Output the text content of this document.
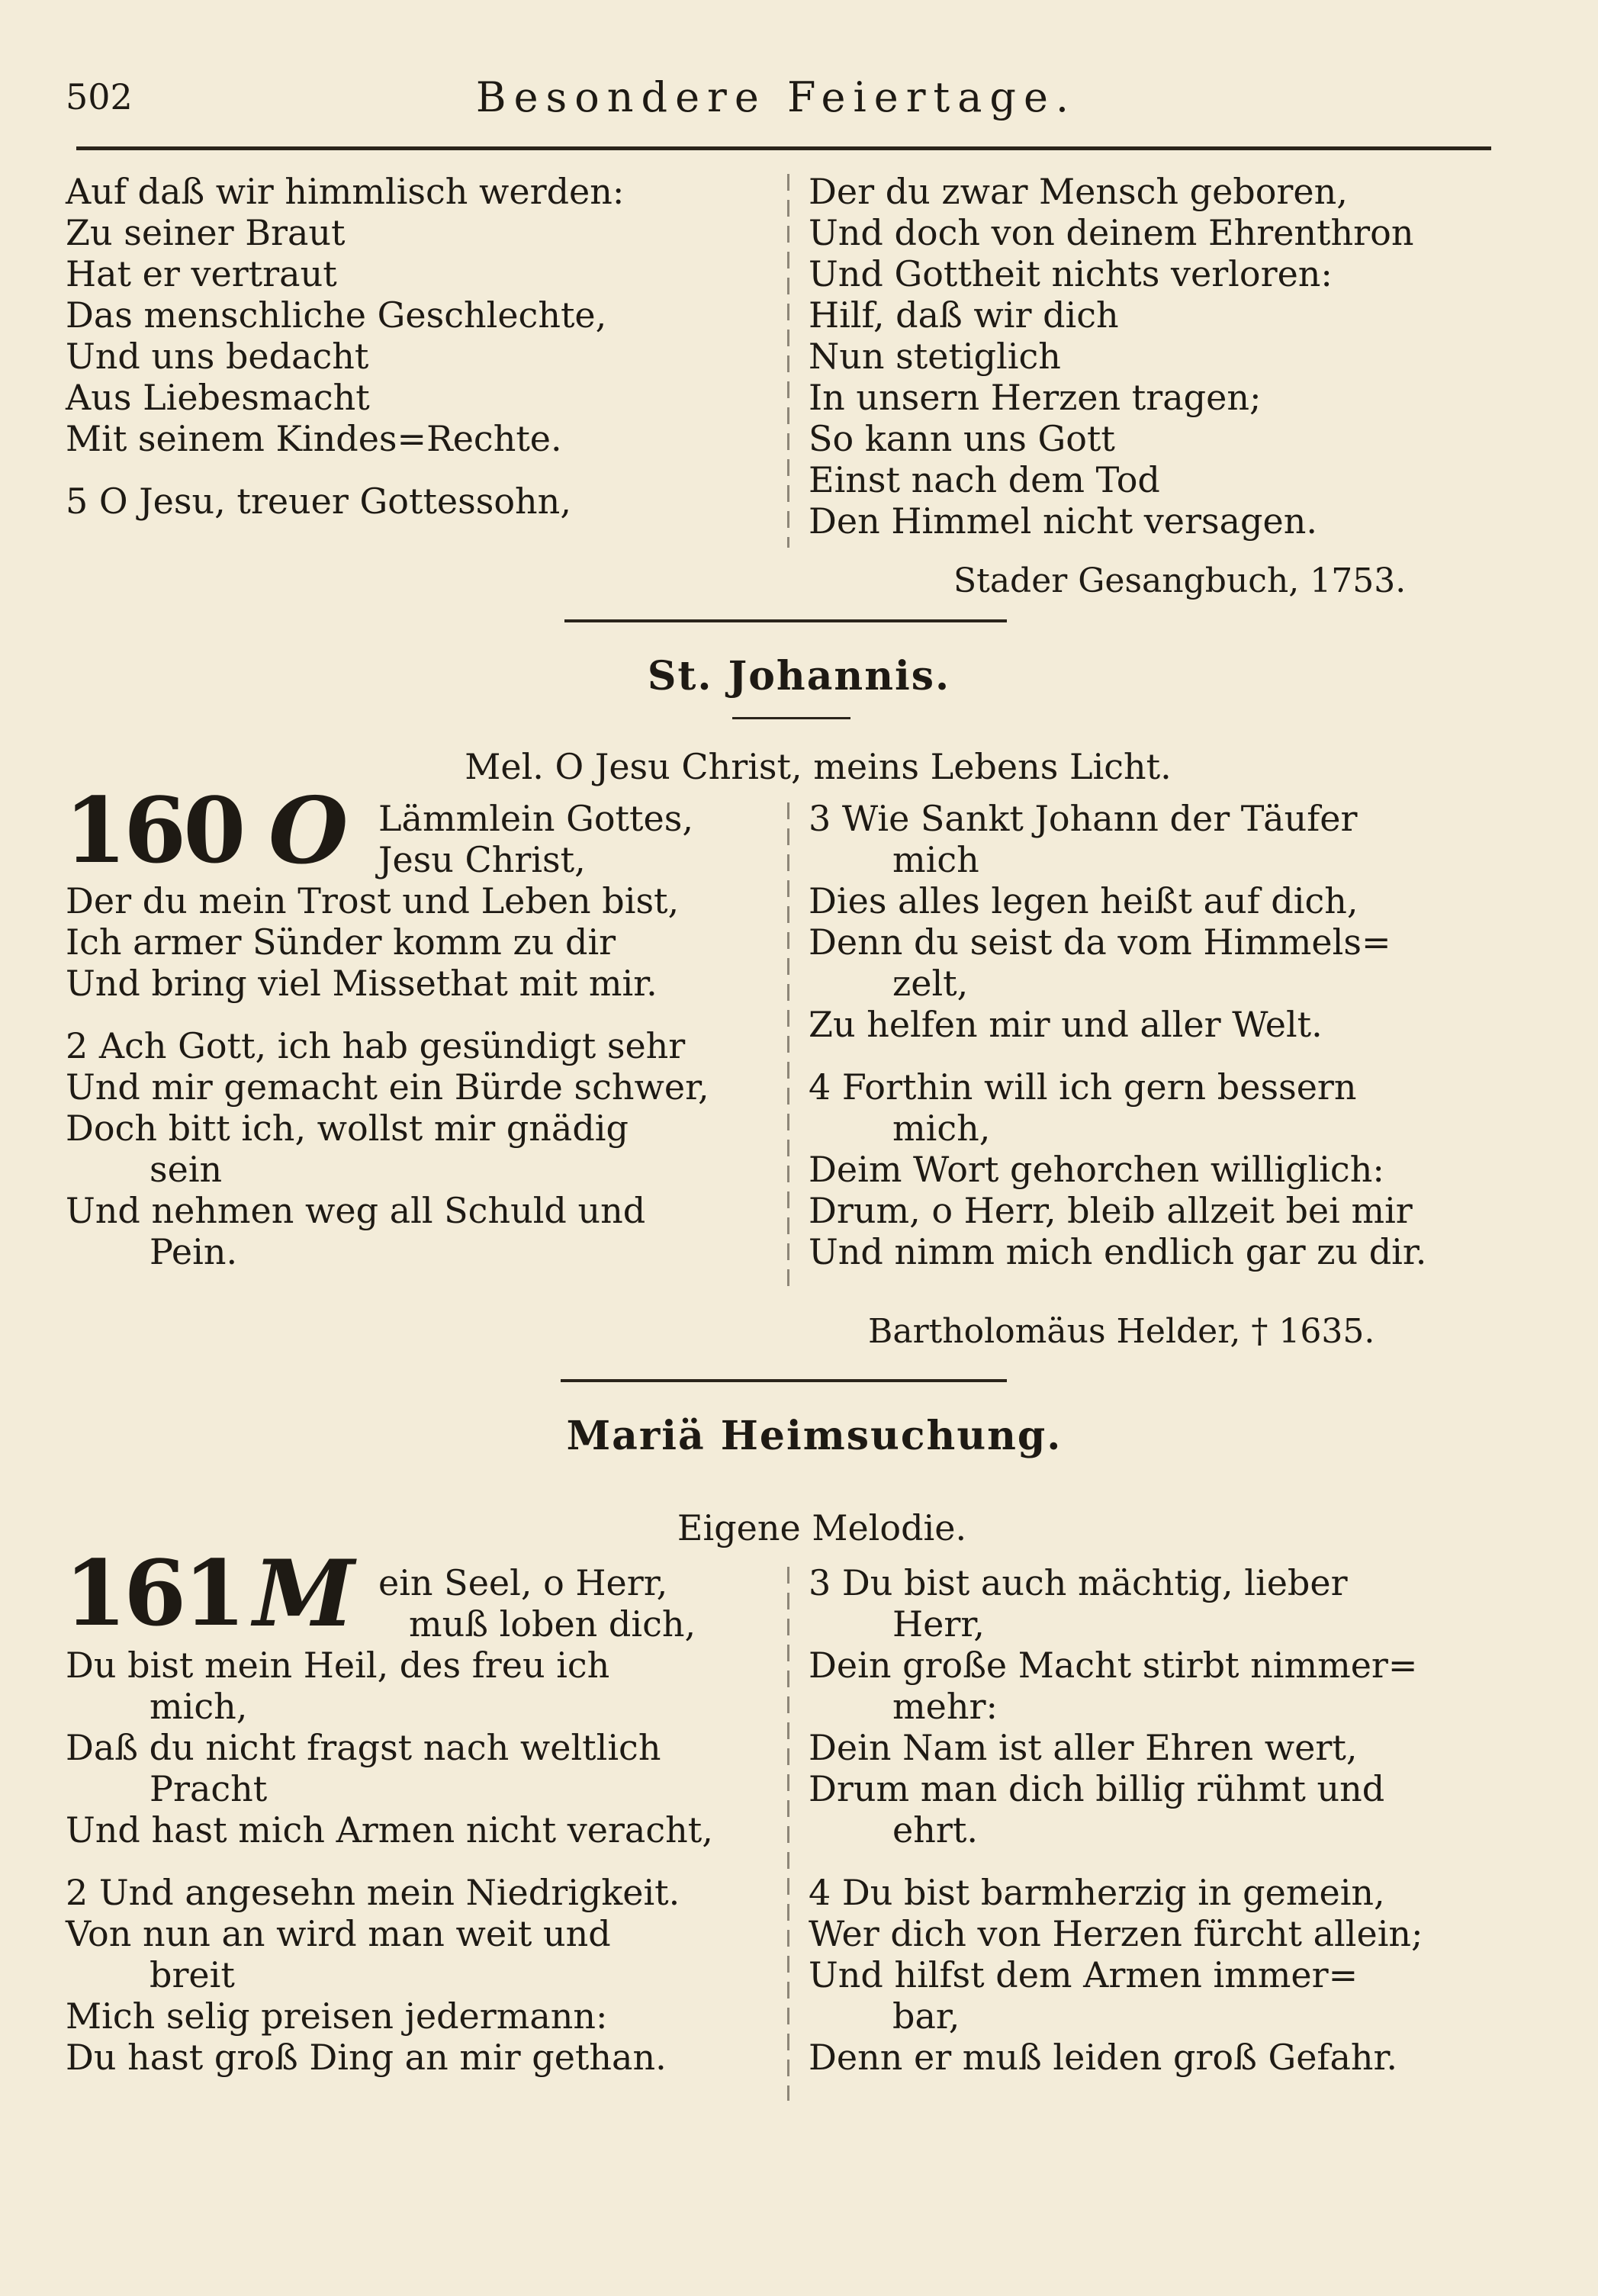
502	Besondere Feiertage.
Auf daß wir himmlisch werden:
Zu seiner Braut
Hat er vertraut
Das menschliche Geschlechte,
Und uns bedacht
Aus Liebesmacht
Mit seinem Kindes=Rechte.
5 O Jesu, treuer Gottessohn,
Der du zwar Mensch geboren,
Und doch von deinem Ehrenthron
Und Gottheit nichts verloren:
Hilf, daß wir dich
Nun stetiglich
In unsern Herzen tragen;
So kann uns Gott
Einst nach dem Tod
Den Himmel nicht versagen.
Stader Gesangbuch, 1753.
St. Johannis.
Mel. O Jesu Christ, meins Lebens Licht.
160 O Lämmlein Gottes,
Jesu Christ,
Der du mein Trost und Leben bist,
Ich armer Sünder komm zu dir
Und bring viel Missethat mit mir.
2 Ach Gott, ich hab gesündigt sehr
Und mir gemacht ein Bürde schwer,
Doch bitt ich, wollst mir gnädig
sein
Und nehmen weg all Schuld und
Pein.
3 Wie Sankt Johann der Täufer
mich
Dies alles legen heißt auf dich,
Denn du seist da vom Himmels=
zelt,
Zu helfen mir und aller Welt.
4 Forthin will ich gern bessern
mich,
Deim Wort gehorchen williglich:
Drum, o Herr, bleib allzeit bei mir
Und nimm mich endlich gar zu dir.
Bartholomäus Helder, † 1635.
Mariä Heimsuchung.
Eigene Melodie.
161 M ein Seel, o Herr,
muß loben dich,
Du bist mein Heil, des freu ich
mich,
Daß du nicht fragst nach weltlich
Pracht
Und hast mich Armen nicht veracht,
2 Und angesehn mein Niedrigkeit.
Von nun an wird man weit und
breit
Mich selig preisen jedermann:
Du hast groß Ding an mir gethan.
3 Du bist auch mächtig, lieber
Herr,
Dein große Macht stirbt nimmer=
mehr:
Dein Nam ist aller Ehren wert,
Drum man dich billig rühmt und
ehrt.
4 Du bist barmherzig in gemein,
Wer dich von Herzen fürcht allein;
Und hilfst dem Armen immer=
bar,
Denn er muß leiden groß Gefahr.
